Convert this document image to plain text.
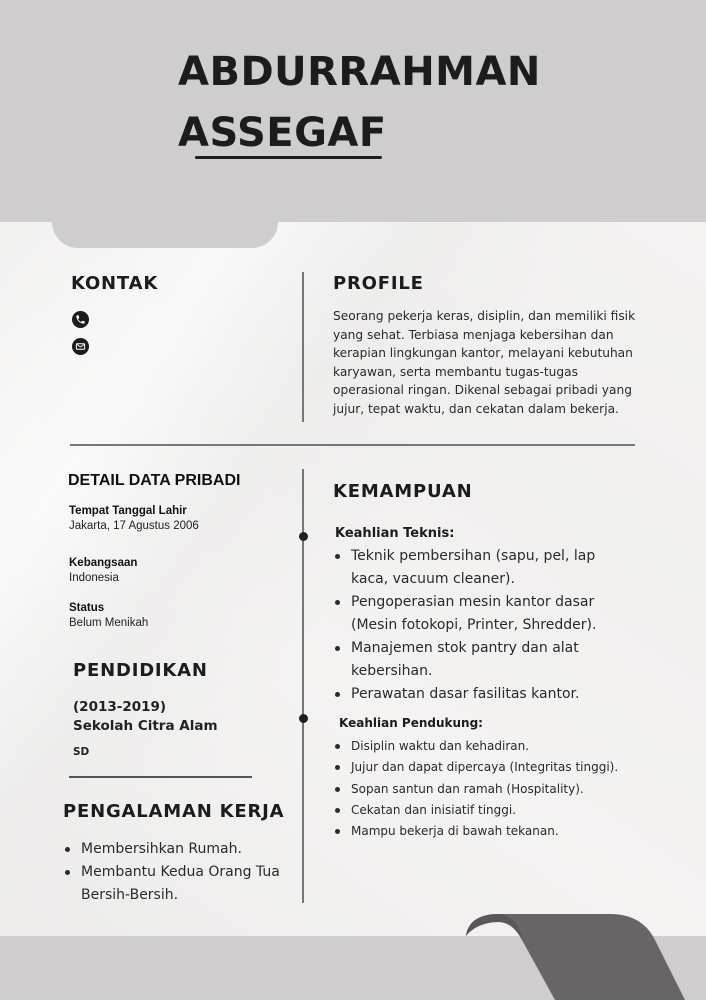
ABDURRAHMAN
ASSEGAF
KONTAK	PROFILE
Seorang pekerja keras, disiplin, dan memiliki fisik yang sehat. Terbiasa menjaga kebersihan dan kerapian lingkungan kantor, melayani kebutuhan karyawan, serta membantu tugas-tugas operasional ringan. Dikenal sebagai pribadi yang jujur, tepat waktu, dan cekatan dalam bekerja.
DETAIL DATA PRIBADI
Tempat Tanggal Lahir
Jakarta, 17 Agustus 2006
Kebangsaan
Indonesia
Status
Belum Menikah
PENDIDIKAN
(2013-2019)
Sekolah Citra Alam
SD
PENGALAMAN KERJA
Membersihkan Rumah.
Membantu Kedua Orang Tua Bersih-Bersih.
KEMAMPUAN
Keahlian Teknis:
Teknik pembersihan (sapu, pel, lap kaca, vacuum cleaner).
Pengoperasian mesin kantor dasar (Mesin fotokopi, Printer, Shredder).
Manajemen stok pantry dan alat kebersihan.
Perawatan dasar fasilitas kantor.
Keahlian Pendukung:
Disiplin waktu dan kehadiran.
Jujur dan dapat dipercaya (Integritas tinggi).
Sopan santun dan ramah (Hospitality).
Cekatan dan inisiatif tinggi.
Mampu bekerja di bawah tekanan.
